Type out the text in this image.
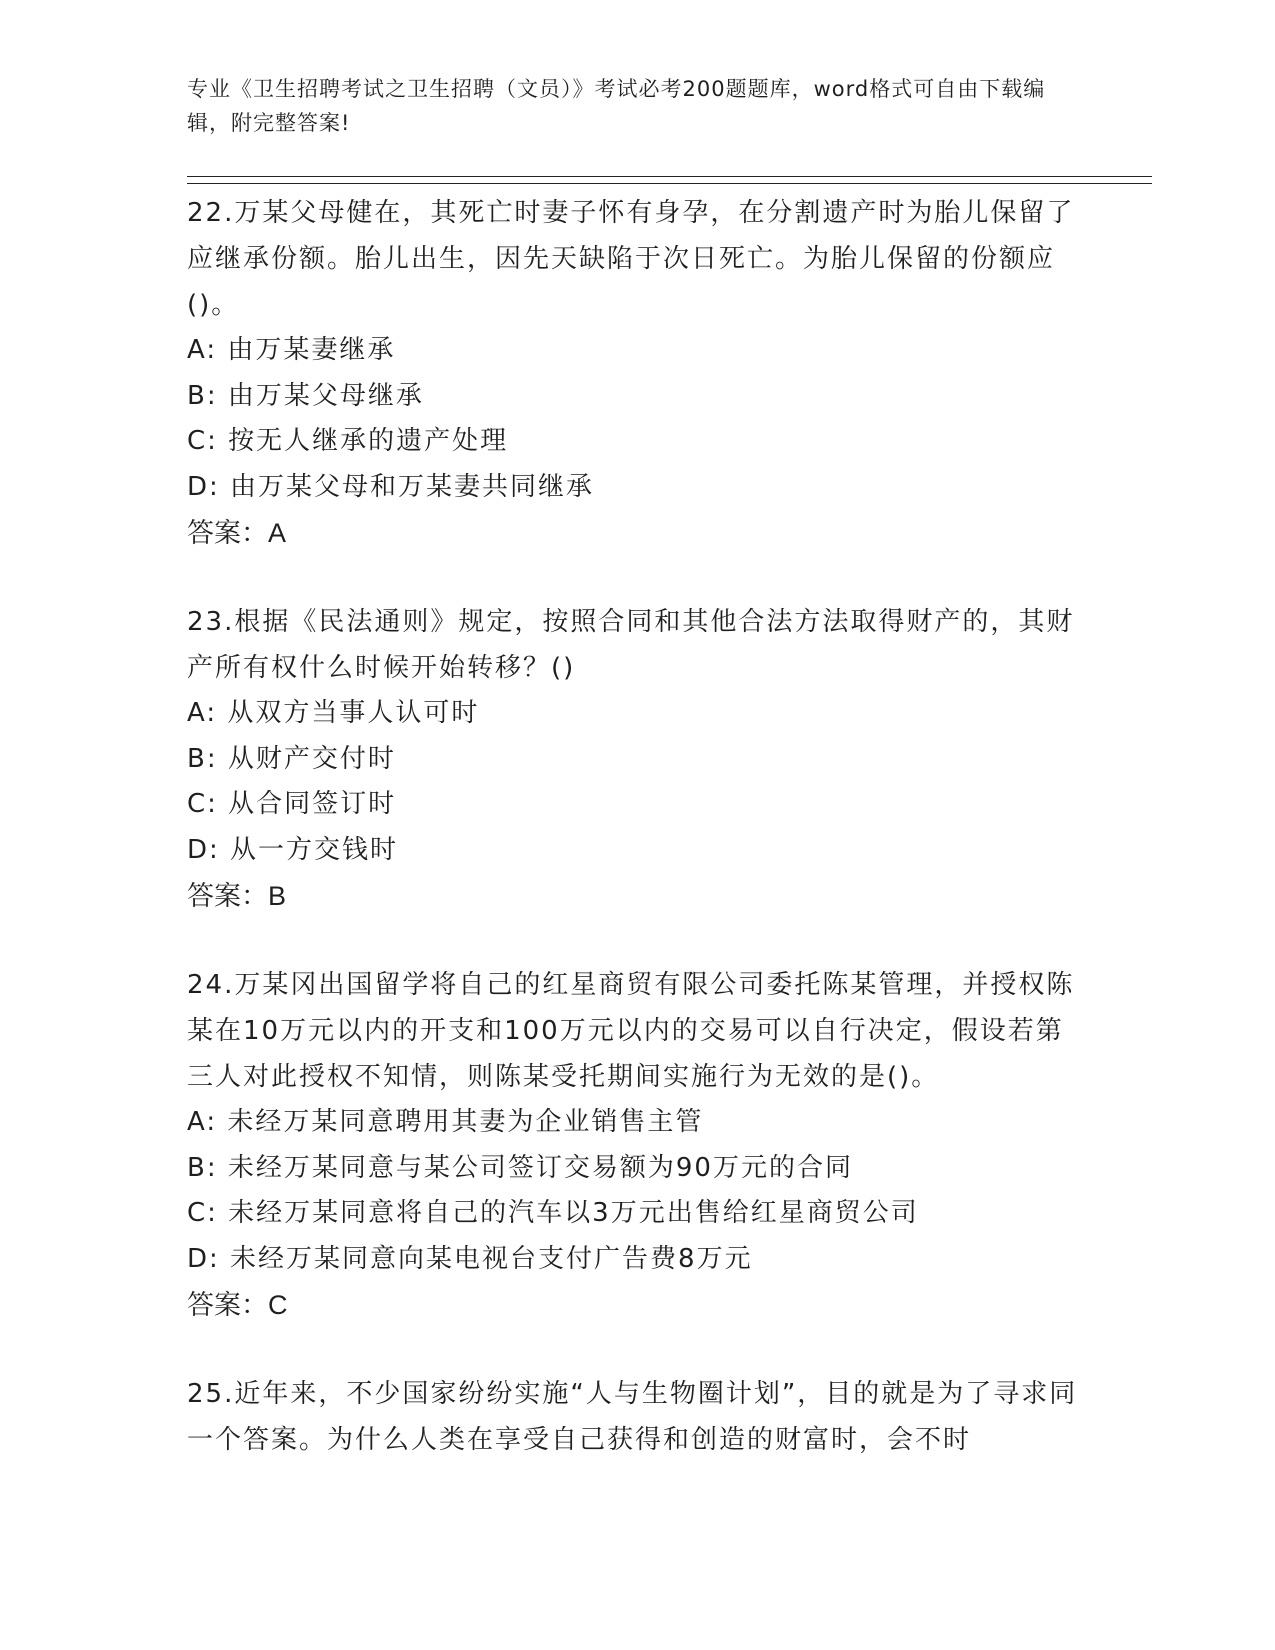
专业《卫生招聘考试之卫生招聘（文员）》考试必考200题题库，word格式可自由下载编辑，附完整答案!

22.万某父母健在，其死亡时妻子怀有身孕，在分割遗产时为胎儿保留了应继承份额。胎儿出生，因先天缺陷于次日死亡。为胎儿保留的份额应()。

A: 由万某妻继承

B: 由万某父母继承

C: 按无人继承的遗产处理

D: 由万某父母和万某妻共同继承

答案：A

23.根据《民法通则》规定，按照合同和其他合法方法取得财产的，其财产所有权什么时候开始转移？()

A: 从双方当事人认可时

B: 从财产交付时

C: 从合同签订时

D: 从一方交钱时

答案：B

24.万某冈出国留学将自己的红星商贸有限公司委托陈某管理，并授权陈某在10万元以内的开支和100万元以内的交易可以自行决定，假设若第三人对此授权不知情，则陈某受托期间实施行为无效的是()。

A: 未经万某同意聘用其妻为企业销售主管

B: 未经万某同意与某公司签订交易额为90万元的合同

C: 未经万某同意将自己的汽车以3万元出售给红星商贸公司

D: 未经万某同意向某电视台支付广告费8万元

答案：C

25.近年来，不少国家纷纷实施“人与生物圈计划”，目的就是为了寻求同一个答案。为什么人类在享受自己获得和创造的财富时，会不时
